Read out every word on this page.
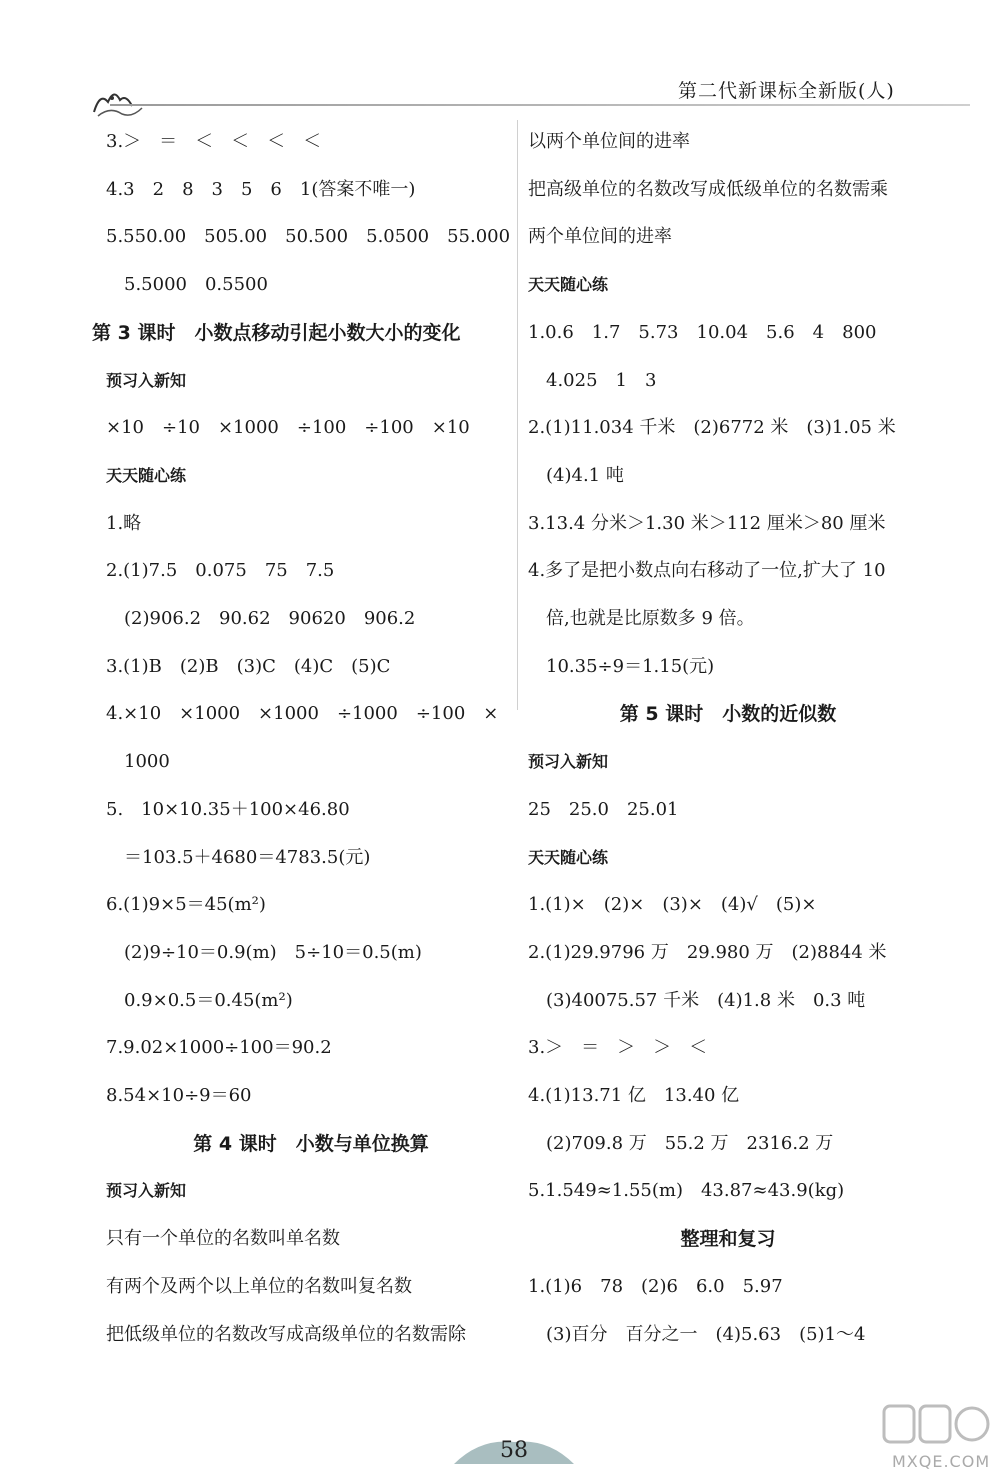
第二代新课标全新版(人)
3.＞　＝　＜　＜　＜　＜
4.3　2　8　3　5　6　1(答案不唯一)
5.550.00　505.00　50.500　5.0500　55.000
5.5000　0.5500
第 3 课时　小数点移动引起小数大小的变化
预习入新知
×10　÷10　×1000　÷100　÷100　×10
天天随心练
1.略
2.(1)7.5　0.075　75　7.5
(2)906.2　90.62　90620　906.2
3.(1)B　(2)B　(3)C　(4)C　(5)C
4.×10　×1000　×1000　÷1000　÷100　×
1000
5.　10×10.35＋100×46.80
＝103.5＋4680＝4783.5(元)
6.(1)9×5＝45(m²)
(2)9÷10＝0.9(m)　5÷10＝0.5(m)
0.9×0.5＝0.45(m²)
7.9.02×1000÷100＝90.2
8.54×10÷9＝60
第 4 课时　小数与单位换算
预习入新知
只有一个单位的名数叫单名数
有两个及两个以上单位的名数叫复名数
把低级单位的名数改写成高级单位的名数需除
以两个单位间的进率
把高级单位的名数改写成低级单位的名数需乘
两个单位间的进率
天天随心练
1.0.6　1.7　5.73　10.04　5.6　4　800
4.025　1　3
2.(1)11.034 千米　(2)6772 米　(3)1.05 米
(4)4.1 吨
3.13.4 分米＞1.30 米＞112 厘米＞80 厘米
4.多了是把小数点向右移动了一位,扩大了 10
倍,也就是比原数多 9 倍。
10.35÷9＝1.15(元)
第 5 课时　小数的近似数
预习入新知
25　25.0　25.01
天天随心练
1.(1)×　(2)×　(3)×　(4)√　(5)×
2.(1)29.9796 万　29.980 万　(2)8844 米
(3)40075.57 千米　(4)1.8 米　0.3 吨
3.＞　＝　＞　＞　＜
4.(1)13.71 亿　13.40 亿
(2)709.8 万　55.2 万　2316.2 万
5.1.549≈1.55(m)　43.87≈43.9(kg)
整理和复习
1.(1)6　78　(2)6　6.0　5.97
(3)百分　百分之一　(4)5.63　(5)1～4
58	MXQE.COM
